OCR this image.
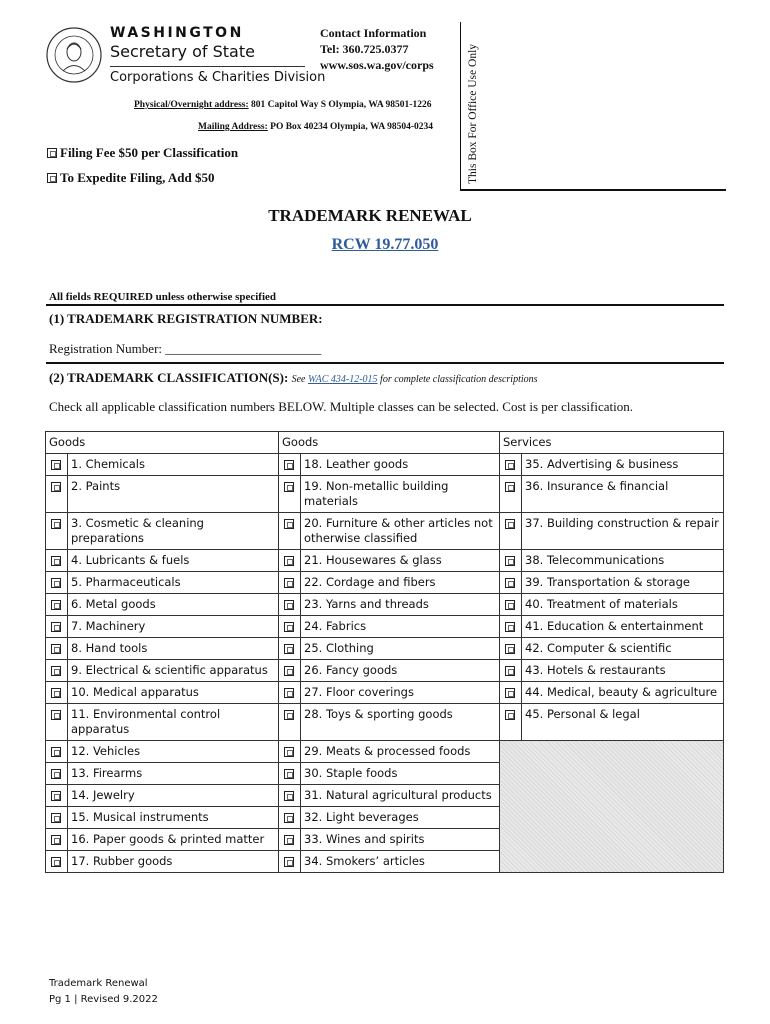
WASHINGTON
Secretary of State
Corporations & Charities Division
Contact Information
Tel: 360.725.0377
www.sos.wa.gov/corps	This Box For Office Use Only
Physical/Overnight address: 801 Capitol Way S Olympia, WA 98501-1226
Mailing Address: PO Box 40234 Olympia, WA 98504-0234
Filing Fee $50 per Classification
To Expedite Filing, Add $50
TRADEMARK RENEWAL
RCW 19.77.050
All fields REQUIRED unless otherwise specified
(1) TRADEMARK REGISTRATION NUMBER:
Registration Number: ________________________
(2) TRADEMARK CLASSIFICATION(S): See WAC 434-12-015 for complete classification descriptions
Check all applicable classification numbers BELOW. Multiple classes can be selected. Cost is per classification.
Goods		Goods		Services	
	1. Chemicals		18. Leather goods		35. Advertising & business
	2. Paints		19. Non-metallic building materials		36. Insurance & financial
	3. Cosmetic & cleaning preparations		20. Furniture & other articles not otherwise classified		37. Building construction & repair
	4. Lubricants & fuels		21. Housewares & glass		38. Telecommunications
	5. Pharmaceuticals		22. Cordage and fibers		39. Transportation & storage
	6. Metal goods		23. Yarns and threads		40. Treatment of materials
	7. Machinery		24. Fabrics		41. Education & entertainment
	8. Hand tools		25. Clothing		42. Computer & scientific
	9. Electrical & scientific apparatus		26. Fancy goods		43. Hotels & restaurants
	10. Medical apparatus		27. Floor coverings		44. Medical, beauty & agriculture
	11. Environmental control apparatus		28. Toys & sporting goods		45. Personal & legal
	12. Vehicles		29. Meats & processed foods		
	13. Firearms		30. Staple foods		
	14. Jewelry		31. Natural agricultural products		
	15. Musical instruments		32. Light beverages		
	16. Paper goods & printed matter		33. Wines and spirits		
	17. Rubber goods		34. Smokers’ articles		
Trademark Renewal
Pg 1 | Revised 9.2022
